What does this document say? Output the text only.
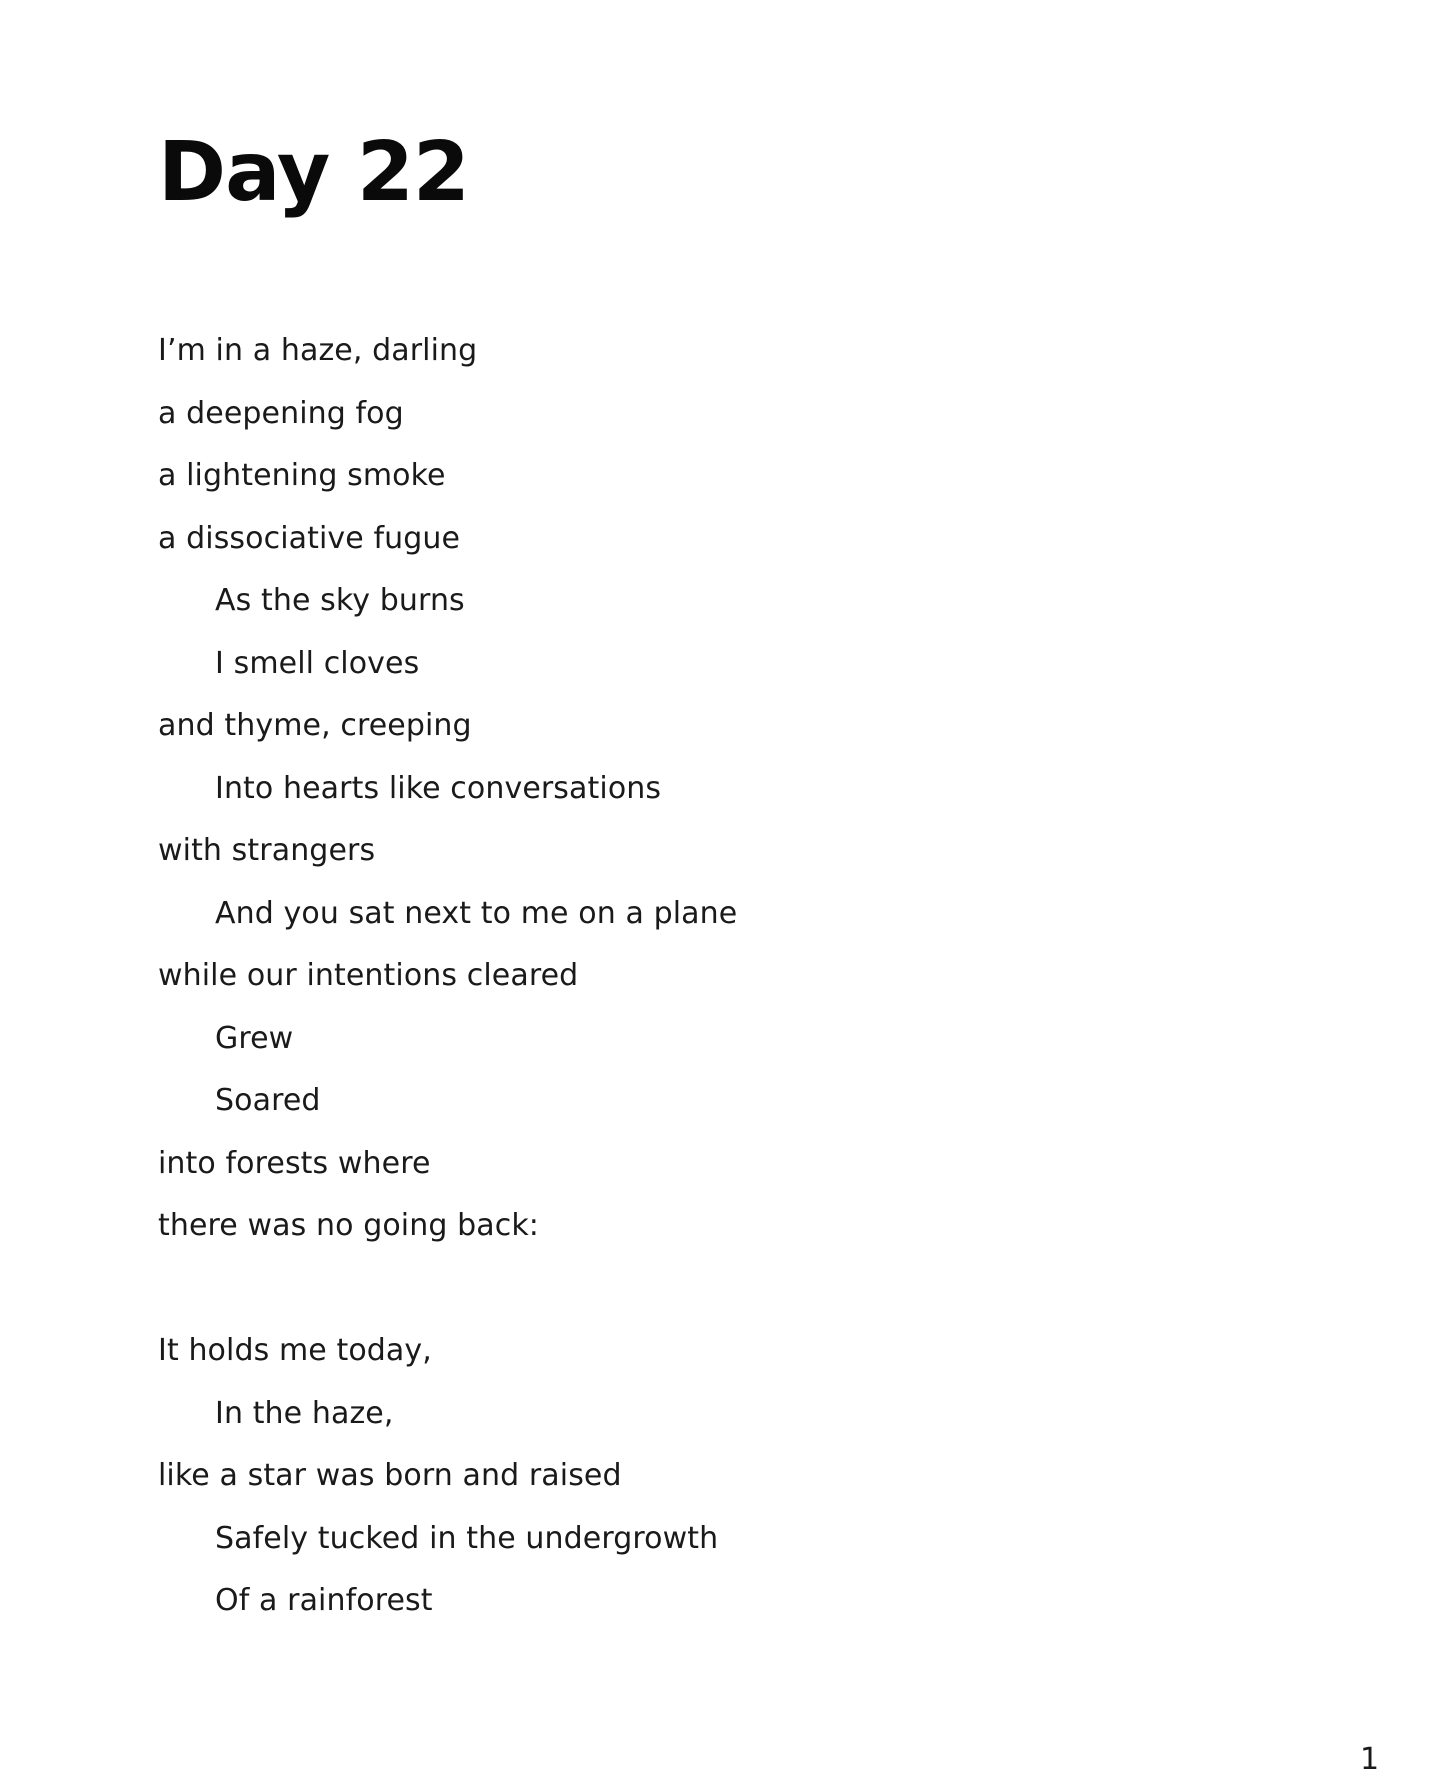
Day 22
I’m in a haze, darling
a deepening fog
a lightening smoke
a dissociative fugue
As the sky burns
I smell cloves
and thyme, creeping
Into hearts like conversations
with strangers
And you sat next to me on a plane
while our intentions cleared
Grew
Soared
into forests where
there was no going back:
It holds me today,
In the haze,
like a star was born and raised
Safely tucked in the undergrowth
Of a rainforest
1
